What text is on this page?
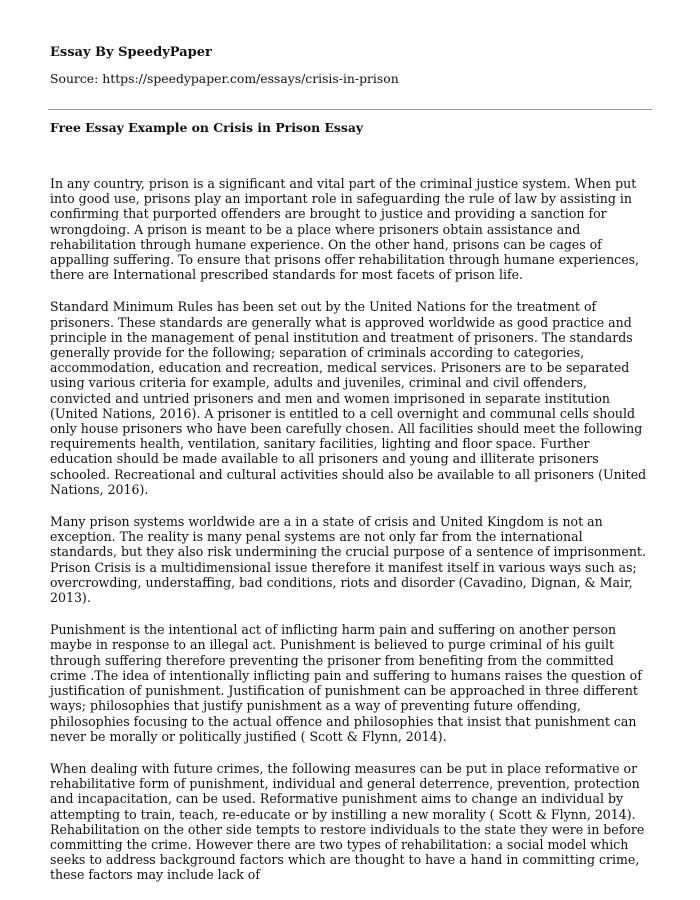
Essay By SpeedyPaper
Source: https://speedypaper.com/essays/crisis-in-prison
Free Essay Example on Crisis in Prison Essay

In any country, prison is a significant and vital part of the criminal justice system. When put into good use, prisons play an important role in safeguarding the rule of law by assisting in confirming that purported offenders are brought to justice and providing a sanction for wrongdoing. A prison is meant to be a place where prisoners obtain assistance and rehabilitation through humane experience. On the other hand, prisons can be cages of appalling suffering. To ensure that prisons offer rehabilitation through humane experiences, there are International prescribed standards for most facets of prison life.

Standard Minimum Rules has been set out by the United Nations for the treatment of prisoners. These standards are generally what is approved worldwide as good practice and principle in the management of penal institution and treatment of prisoners. The standards generally provide for the following; separation of criminals according to categories, accommodation, education and recreation, medical services. Prisoners are to be separated using various criteria for example, adults and juveniles, criminal and civil offenders, convicted and untried prisoners and men and women imprisoned in separate institution (United Nations, 2016). A prisoner is entitled to a cell overnight and communal cells should only house prisoners who have been carefully chosen. All facilities should meet the following requirements health, ventilation, sanitary facilities, lighting and floor space. Further education should be made available to all prisoners and young and illiterate prisoners schooled. Recreational and cultural activities should also be available to all prisoners (United Nations, 2016).

Many prison systems worldwide are a in a state of crisis and United Kingdom is not an exception. The reality is many penal systems are not only far from the international standards, but they also risk undermining the crucial purpose of a sentence of imprisonment. Prison Crisis is a multidimensional issue therefore it manifest itself in various ways such as; overcrowding, understaffing, bad conditions, riots and disorder (Cavadino, Dignan, & Mair, 2013).

Punishment is the intentional act of inflicting harm pain and suffering on another person maybe in response to an illegal act. Punishment is believed to purge criminal of his guilt through suffering therefore preventing the prisoner from benefiting from the committed crime .The idea of intentionally inflicting pain and suffering to humans raises the question of justification of punishment. Justification of punishment can be approached in three different ways; philosophies that justify punishment as a way of preventing future offending, philosophies focusing to the actual offence and philosophies that insist that punishment can never be morally or politically justified ( Scott & Flynn, 2014).

When dealing with future crimes, the following measures can be put in place reformative or rehabilitative form of punishment, individual and general deterrence, prevention, protection and incapacitation, can be used. Reformative punishment aims to change an individual by attempting to train, teach, re-educate or by instilling a new morality ( Scott & Flynn, 2014). Rehabilitation on the other side tempts to restore individuals to the state they were in before committing the crime. However there are two types of rehabilitation: a social model which seeks to address background factors which are thought to have a hand in committing crime, these factors may include lack of
